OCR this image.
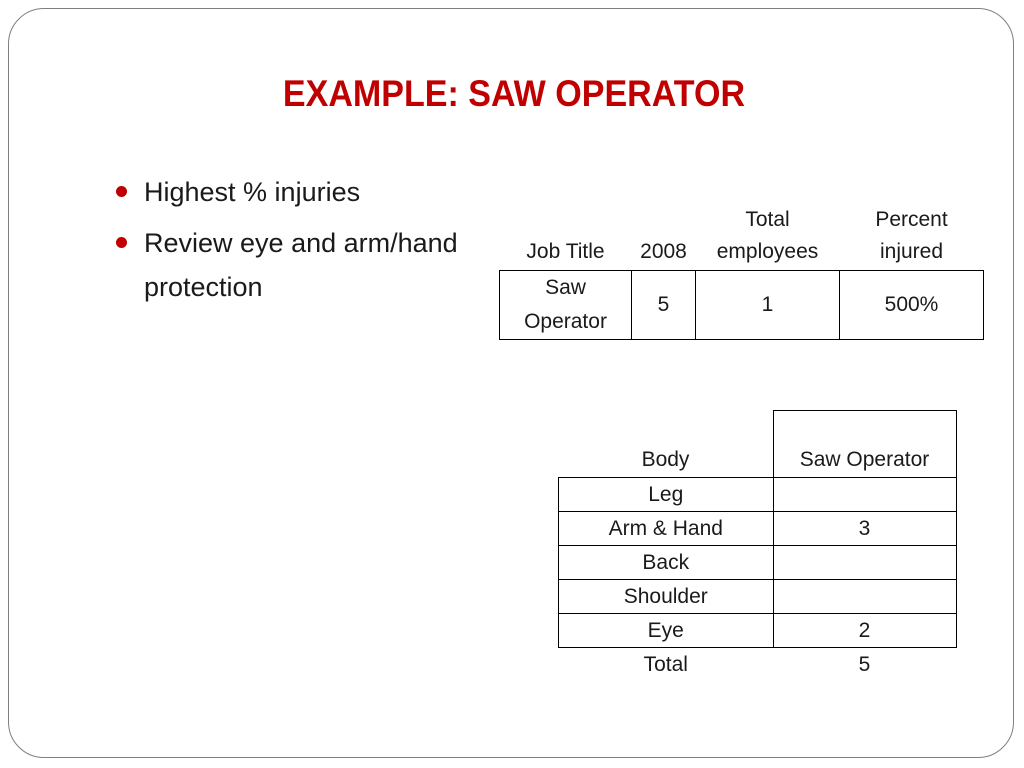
EXAMPLE: SAW OPERATOR
Highest % injuries
Review eye and arm/hand protection
Job Title	2008	Total employees	Percent injured
Saw Operator	5	1	500%
Body	Saw Operator
Leg	
Arm & Hand	3
Back	
Shoulder	
Eye	2
Total	5
